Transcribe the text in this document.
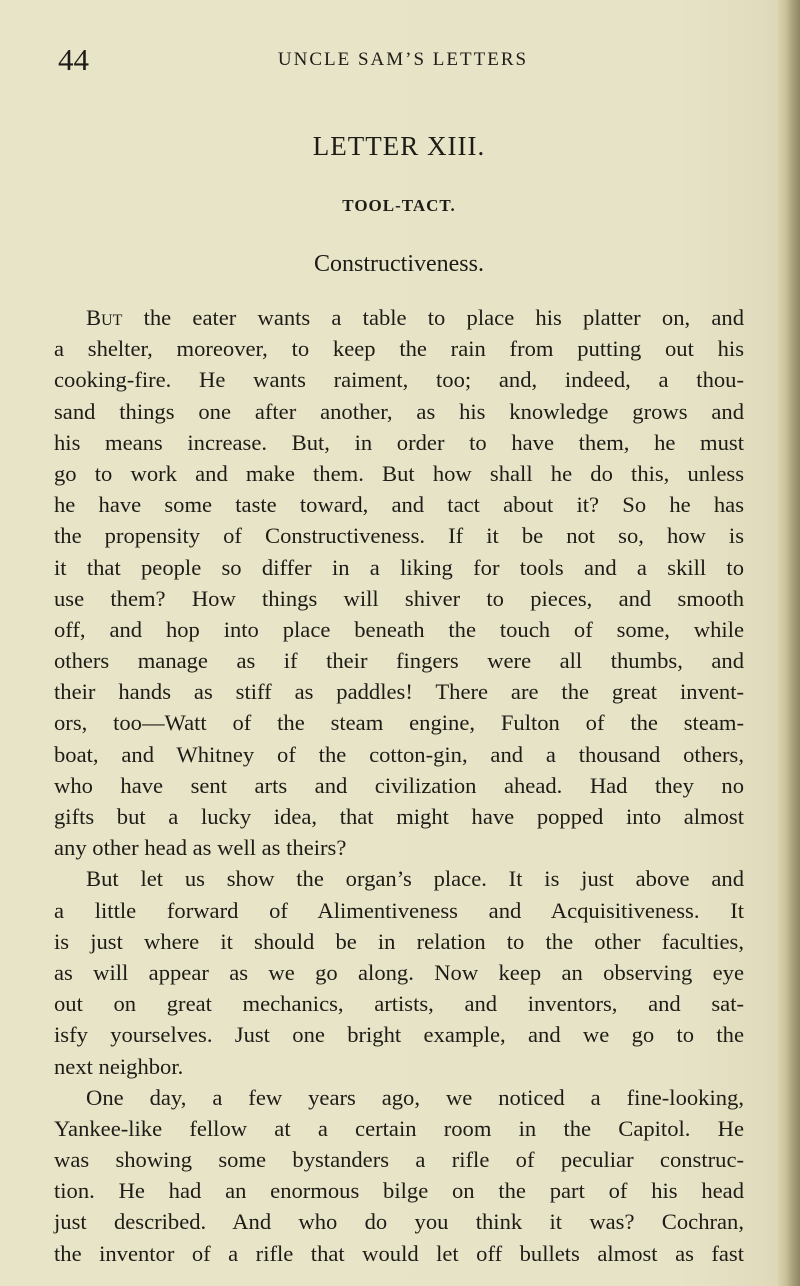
44	UNCLE SAM’S LETTERS
LETTER XIII.
TOOL-TACT.
Constructiveness.
But the eater wants a table to place his platter on, and
a shelter, moreover, to keep the rain from putting out his
cooking-fire. He wants raiment, too; and, indeed, a thou-
sand things one after another, as his knowledge grows and
his means increase. But, in order to have them, he must
go to work and make them. But how shall he do this, unless
he have some taste toward, and tact about it? So he has
the propensity of Constructiveness. If it be not so, how is
it that people so differ in a liking for tools and a skill to
use them? How things will shiver to pieces, and smooth
off, and hop into place beneath the touch of some, while
others manage as if their fingers were all thumbs, and
their hands as stiff as paddles! There are the great invent-
ors, too—Watt of the steam engine, Fulton of the steam-
boat, and Whitney of the cotton-gin, and a thousand others,
who have sent arts and civilization ahead. Had they no
gifts but a lucky idea, that might have popped into almost
any other head as well as theirs?
But let us show the organ’s place. It is just above and
a little forward of Alimentiveness and Acquisitiveness. It
is just where it should be in relation to the other faculties,
as will appear as we go along. Now keep an observing eye
out on great mechanics, artists, and inventors, and sat-
isfy yourselves. Just one bright example, and we go to the
next neighbor.
One day, a few years ago, we noticed a fine-looking,
Yankee-like fellow at a certain room in the Capitol. He
was showing some bystanders a rifle of peculiar construc-
tion. He had an enormous bilge on the part of his head
just described. And who do you think it was? Cochran,
the inventor of a rifle that would let off bullets almost as fast
